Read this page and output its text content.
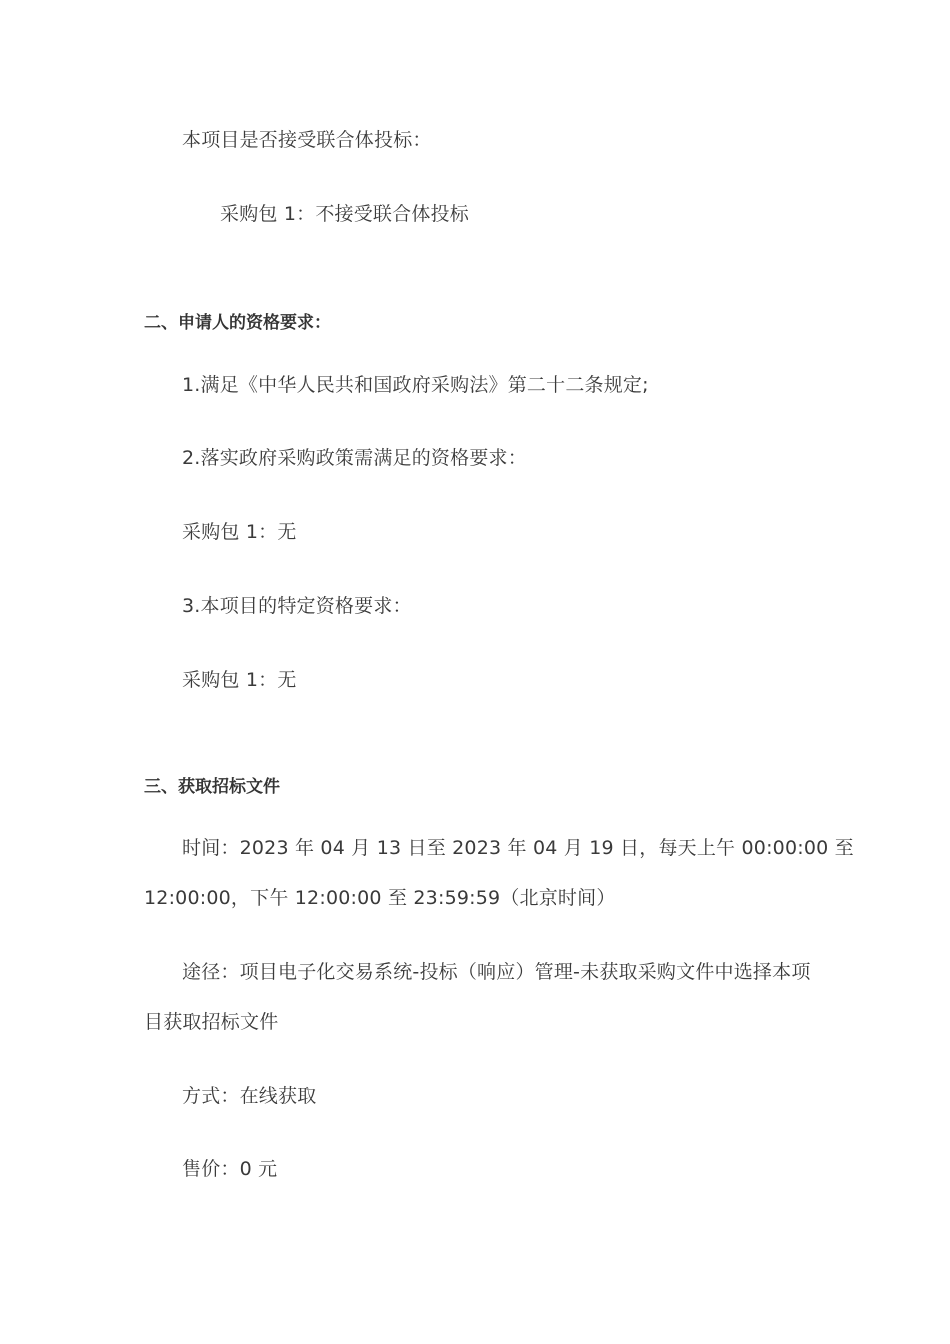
本项目是否接受联合体投标：
采购包 1：不接受联合体投标
二、申请人的资格要求：
1.满足《中华人民共和国政府采购法》第二十二条规定;
2.落实政府采购政策需满足的资格要求：
采购包 1：无
3.本项目的特定资格要求：
采购包 1：无
三、获取招标文件
时间：2023 年 04 月 13 日至 2023 年 04 月 19 日，每天上午 00:00:00 至
12:00:00，下午 12:00:00 至 23:59:59（北京时间）
途径：项目电子化交易系统-投标（响应）管理-未获取采购文件中选择本项
目获取招标文件
方式：在线获取
售价：0 元
